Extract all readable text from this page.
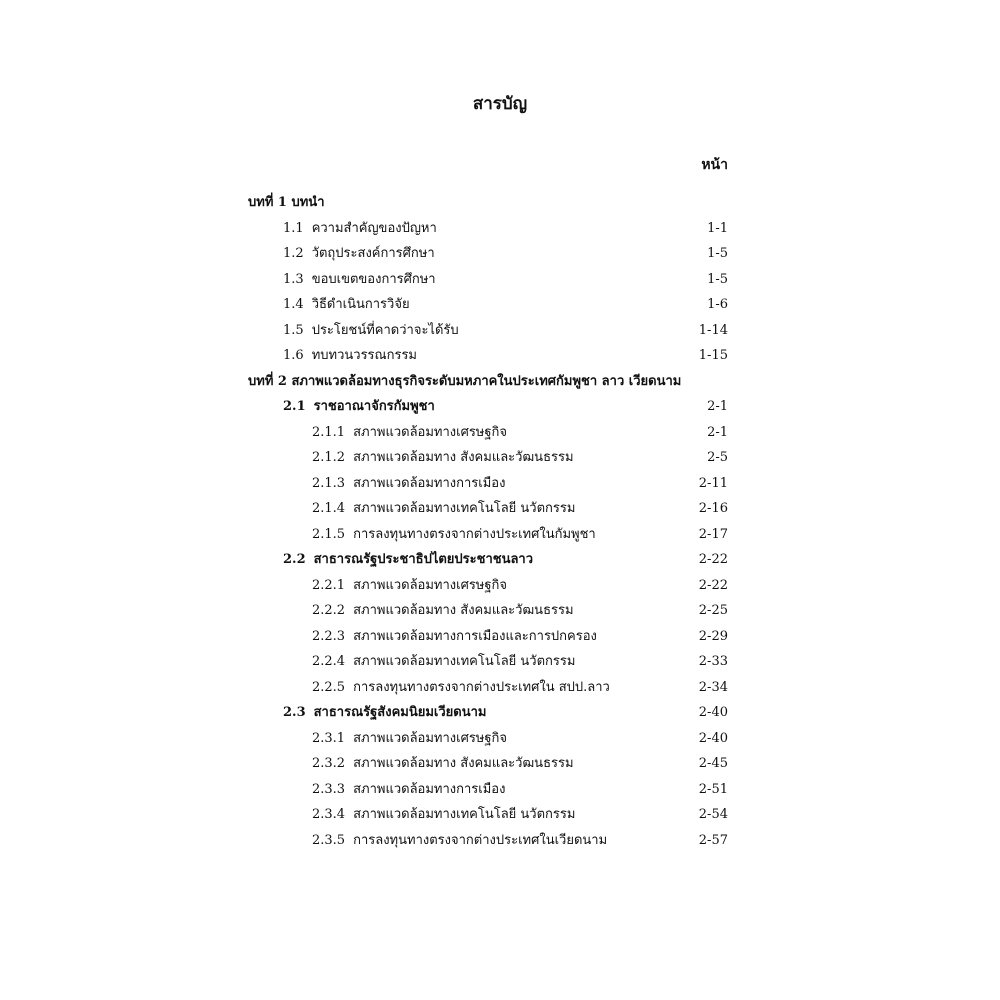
สารบัญ
หน้า
บทที่ 1 บทนำ
1.1 ความสำคัญของปัญหา	1-1
1.2 วัตถุประสงค์การศึกษา	1-5
1.3 ขอบเขตของการศึกษา	1-5
1.4 วิธีดำเนินการวิจัย	1-6
1.5 ประโยชน์ที่คาดว่าจะได้รับ	1-14
1.6 ทบทวนวรรณกรรม	1-15
บทที่ 2 สภาพแวดล้อมทางธุรกิจระดับมหภาคในประเทศกัมพูชา ลาว เวียดนาม
2.1 ราชอาณาจักรกัมพูชา	2-1
2.1.1 สภาพแวดล้อมทางเศรษฐกิจ	2-1
2.1.2 สภาพแวดล้อมทาง สังคมและวัฒนธรรม	2-5
2.1.3 สภาพแวดล้อมทางการเมือง	2-11
2.1.4 สภาพแวดล้อมทางเทคโนโลยี นวัตกรรม	2-16
2.1.5 การลงทุนทางตรงจากต่างประเทศในกัมพูชา	2-17
2.2 สาธารณรัฐประชาธิปไตยประชาชนลาว	2-22
2.2.1 สภาพแวดล้อมทางเศรษฐกิจ	2-22
2.2.2 สภาพแวดล้อมทาง สังคมและวัฒนธรรม	2-25
2.2.3 สภาพแวดล้อมทางการเมืองและการปกครอง	2-29
2.2.4 สภาพแวดล้อมทางเทคโนโลยี นวัตกรรม	2-33
2.2.5 การลงทุนทางตรงจากต่างประเทศใน สปป.ลาว	2-34
2.3 สาธารณรัฐสังคมนิยมเวียดนาม	2-40
2.3.1 สภาพแวดล้อมทางเศรษฐกิจ	2-40
2.3.2 สภาพแวดล้อมทาง สังคมและวัฒนธรรม	2-45
2.3.3 สภาพแวดล้อมทางการเมือง	2-51
2.3.4 สภาพแวดล้อมทางเทคโนโลยี นวัตกรรม	2-54
2.3.5 การลงทุนทางตรงจากต่างประเทศในเวียดนาม	2-57
